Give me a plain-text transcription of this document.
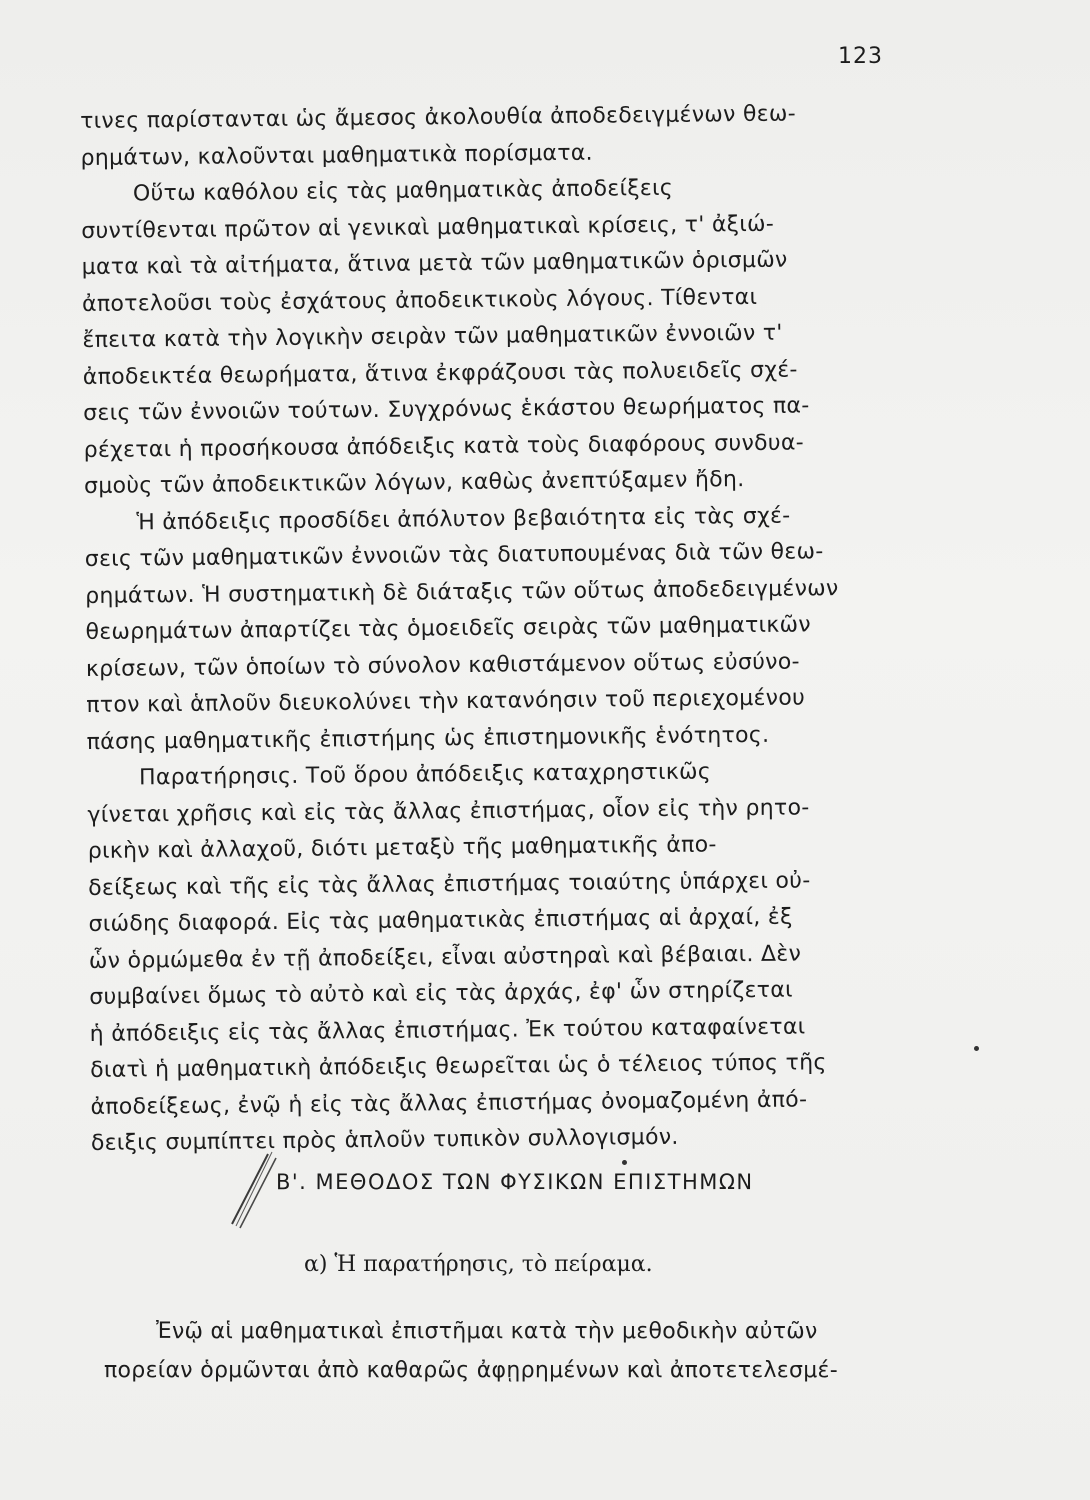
123
τινες παρίστανται ὡς ἄμεσος ἀκολουθία ἀποδεδειγμένων θεω-
ρημάτων, καλοῦνται μαθηματικὰ πορίσματα.
Οὕτω καθόλου εἰς τὰς μαθηματικὰς ἀποδείξεις
συντίθενται πρῶτον αἱ γενικαὶ μαθηματικαὶ κρίσεις, τ' ἀξιώ-
ματα καὶ τὰ αἰτήματα, ἅτινα μετὰ τῶν μαθηματικῶν ὁρισμῶν
ἀποτελοῦσι τοὺς ἐσχάτους ἀποδεικτικοὺς λόγους. Τίθενται
ἔπειτα κατὰ τὴν λογικὴν σειρὰν τῶν μαθηματικῶν ἐννοιῶν τ'
ἀποδεικτέα θεωρήματα, ἅτινα ἐκφράζουσι τὰς πολυειδεῖς σχέ-
σεις τῶν ἐννοιῶν τούτων. Συγχρόνως ἑκάστου θεωρήματος πα-
ρέχεται ἡ προσήκουσα ἀπόδειξις κατὰ τοὺς διαφόρους συνδυα-
σμοὺς τῶν ἀποδεικτικῶν λόγων, καθὼς ἀνεπτύξαμεν ἤδη.
Ἡ ἀπόδειξις προσδίδει ἀπόλυτον βεβαιότητα εἰς τὰς σχέ-
σεις τῶν μαθηματικῶν ἐννοιῶν τὰς διατυπουμένας διὰ τῶν θεω-
ρημάτων. Ἡ συστηματικὴ δὲ διάταξις τῶν οὕτως ἀποδεδειγμένων
θεωρημάτων ἀπαρτίζει τὰς ὁμοειδεῖς σειρὰς τῶν μαθηματικῶν
κρίσεων, τῶν ὁποίων τὸ σύνολον καθιστάμενον οὕτως εὐσύνο-
πτον καὶ ἁπλοῦν διευκολύνει τὴν κατανόησιν τοῦ περιεχομένου
πάσης μαθηματικῆς ἐπιστήμης ὡς ἐπιστημονικῆς ἑνότητος.
Παρατήρησις. Τοῦ ὅρου ἀπόδειξις καταχρηστικῶς
γίνεται χρῆσις καὶ εἰς τὰς ἄλλας ἐπιστήμας, οἷον εἰς τὴν ρητο-
ρικὴν καὶ ἀλλαχοῦ, διότι μεταξὺ τῆς μαθηματικῆς ἀπο-
δείξεως καὶ τῆς εἰς τὰς ἄλλας ἐπιστήμας τοιαύτης ὑπάρχει οὐ-
σιώδης διαφορά. Εἰς τὰς μαθηματικὰς ἐπιστήμας αἱ ἀρχαί, ἐξ
ὧν ὁρμώμεθα ἐν τῇ ἀποδείξει, εἶναι αὐστηραὶ καὶ βέβαιαι. Δὲν
συμβαίνει ὅμως τὸ αὐτὸ καὶ εἰς τὰς ἀρχάς, ἐφ' ὧν στηρίζεται
ἡ ἀπόδειξις εἰς τὰς ἄλλας ἐπιστήμας. Ἐκ τούτου καταφαίνεται
διατὶ ἡ μαθηματικὴ ἀπόδειξις θεωρεῖται ὡς ὁ τέλειος τύπος τῆς
ἀποδείξεως, ἐνῷ ἡ εἰς τὰς ἄλλας ἐπιστήμας ὀνομαζομένη ἀπό-
δειξις συμπίπτει πρὸς ἁπλοῦν τυπικὸν συλλογισμόν.
Β'. ΜΕΘΟΔΟΣ ΤΩΝ ΦΥΣΙΚΩΝ ΕΠΙΣΤΗΜΩΝ
α) Ἡ παρατήρησις, τὸ πείραμα.
Ἐνῷ αἱ μαθηματικαὶ ἐπιστῆμαι κατὰ τὴν μεθοδικὴν αὐτῶν
πορείαν ὁρμῶνται ἀπὸ καθαρῶς ἀφῃρημένων καὶ ἀποτετελεσμέ-
